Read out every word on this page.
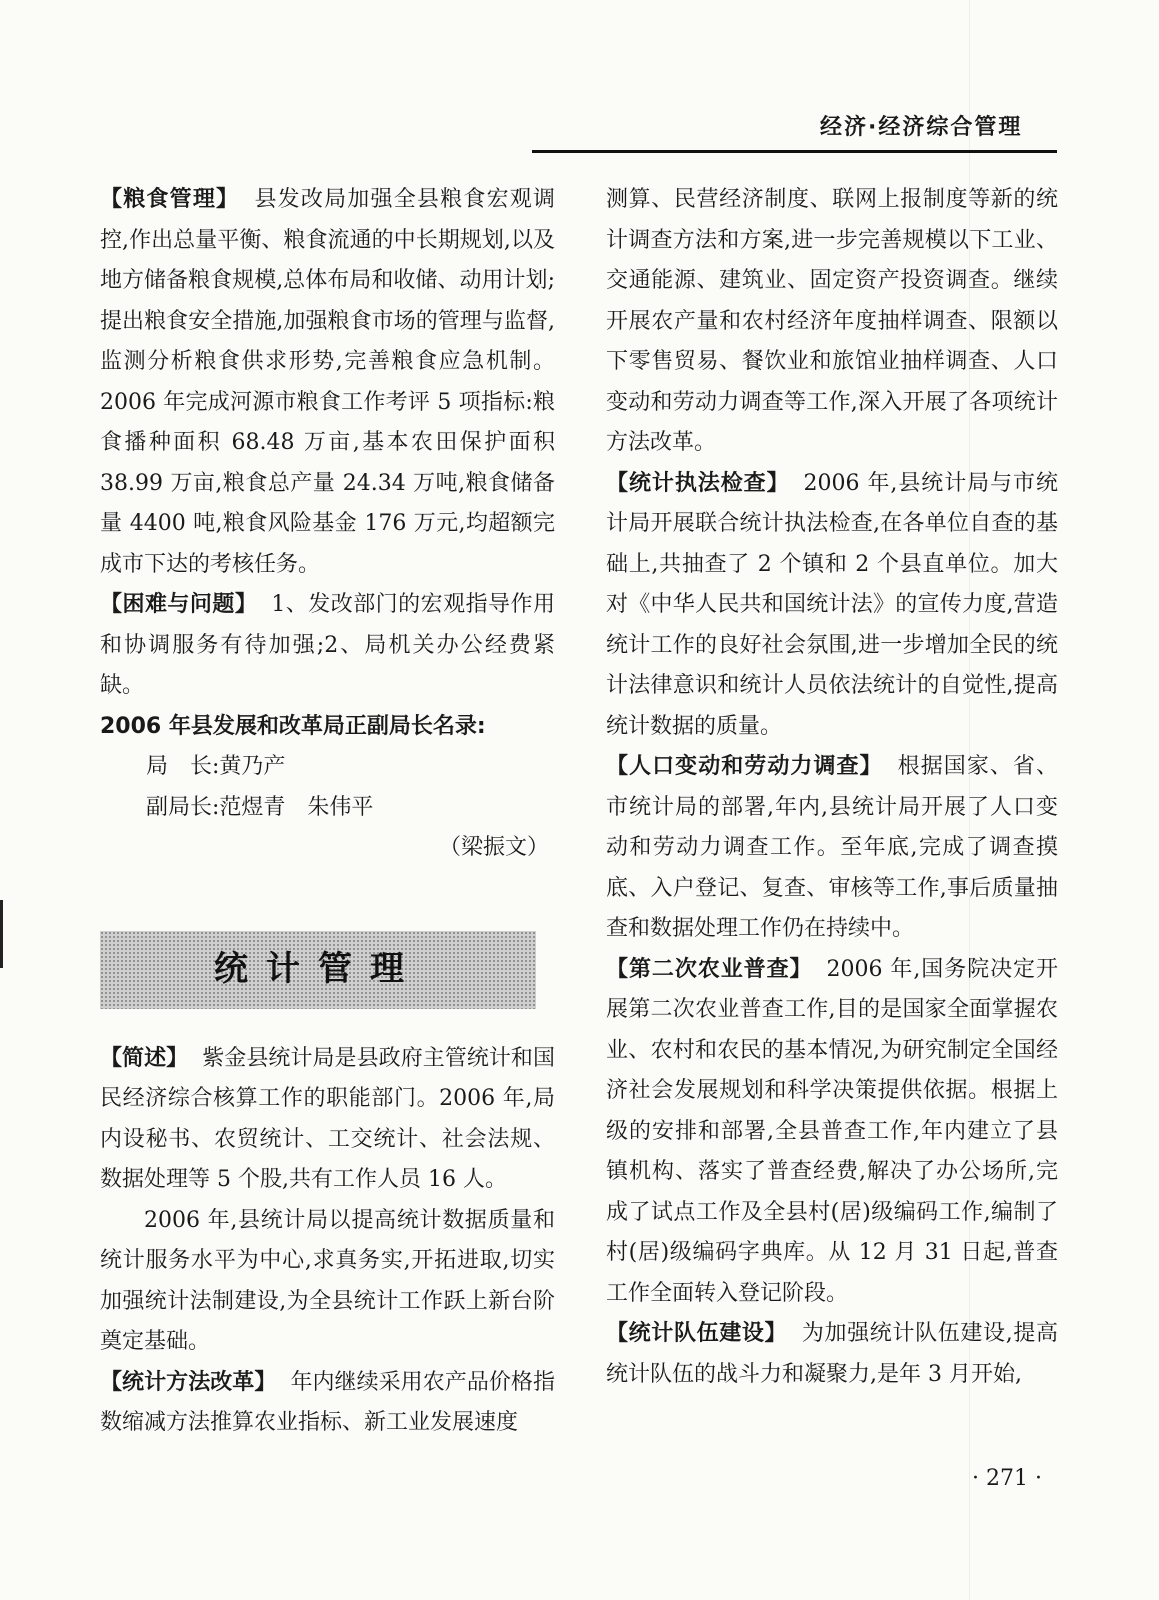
经济·经济综合管理

【粮食管理】 县发改局加强全县粮食宏观调控,作出总量平衡、粮食流通的中长期规划,以及地方储备粮食规模,总体布局和收储、动用计划;提出粮食安全措施,加强粮食市场的管理与监督,监测分析粮食供求形势,完善粮食应急机制。2006 年完成河源市粮食工作考评 5 项指标:粮食播种面积 68.48 万亩,基本农田保护面积 38.99 万亩,粮食总产量 24.34 万吨,粮食储备量 4400 吨,粮食风险基金 176 万元,均超额完成市下达的考核任务。

【困难与问题】 1、发改部门的宏观指导作用和协调服务有待加强;2、局机关办公经费紧缺。

2006 年县发展和改革局正副局长名录:

局　长:黄乃产

副局长:范煜青　朱伟平

（梁振文）

统计管理

【简述】 紫金县统计局是县政府主管统计和国民经济综合核算工作的职能部门。2006 年,局内设秘书、农贸统计、工交统计、社会法规、数据处理等 5 个股,共有工作人员 16 人。

2006 年,县统计局以提高统计数据质量和统计服务水平为中心,求真务实,开拓进取,切实加强统计法制建设,为全县统计工作跃上新台阶奠定基础。

【统计方法改革】 年内继续采用农产品价格指数缩减方法推算农业指标、新工业发展速度

测算、民营经济制度、联网上报制度等新的统计调查方法和方案,进一步完善规模以下工业、交通能源、建筑业、固定资产投资调查。继续开展农产量和农村经济年度抽样调查、限额以下零售贸易、餐饮业和旅馆业抽样调查、人口变动和劳动力调查等工作,深入开展了各项统计方法改革。

【统计执法检查】 2006 年,县统计局与市统计局开展联合统计执法检查,在各单位自查的基础上,共抽查了 2 个镇和 2 个县直单位。加大对《中华人民共和国统计法》的宣传力度,营造统计工作的良好社会氛围,进一步增加全民的统计法律意识和统计人员依法统计的自觉性,提高统计数据的质量。

【人口变动和劳动力调查】 根据国家、省、市统计局的部署,年内,县统计局开展了人口变动和劳动力调查工作。至年底,完成了调查摸底、入户登记、复查、审核等工作,事后质量抽查和数据处理工作仍在持续中。

【第二次农业普查】 2006 年,国务院决定开展第二次农业普查工作,目的是国家全面掌握农业、农村和农民的基本情况,为研究制定全国经济社会发展规划和科学决策提供依据。根据上级的安排和部署,全县普查工作,年内建立了县镇机构、落实了普查经费,解决了办公场所,完成了试点工作及全县村(居)级编码工作,编制了村(居)级编码字典库。从 12 月 31 日起,普查工作全面转入登记阶段。

【统计队伍建设】 为加强统计队伍建设,提高统计队伍的战斗力和凝聚力,是年 3 月开始,

· 271 ·
